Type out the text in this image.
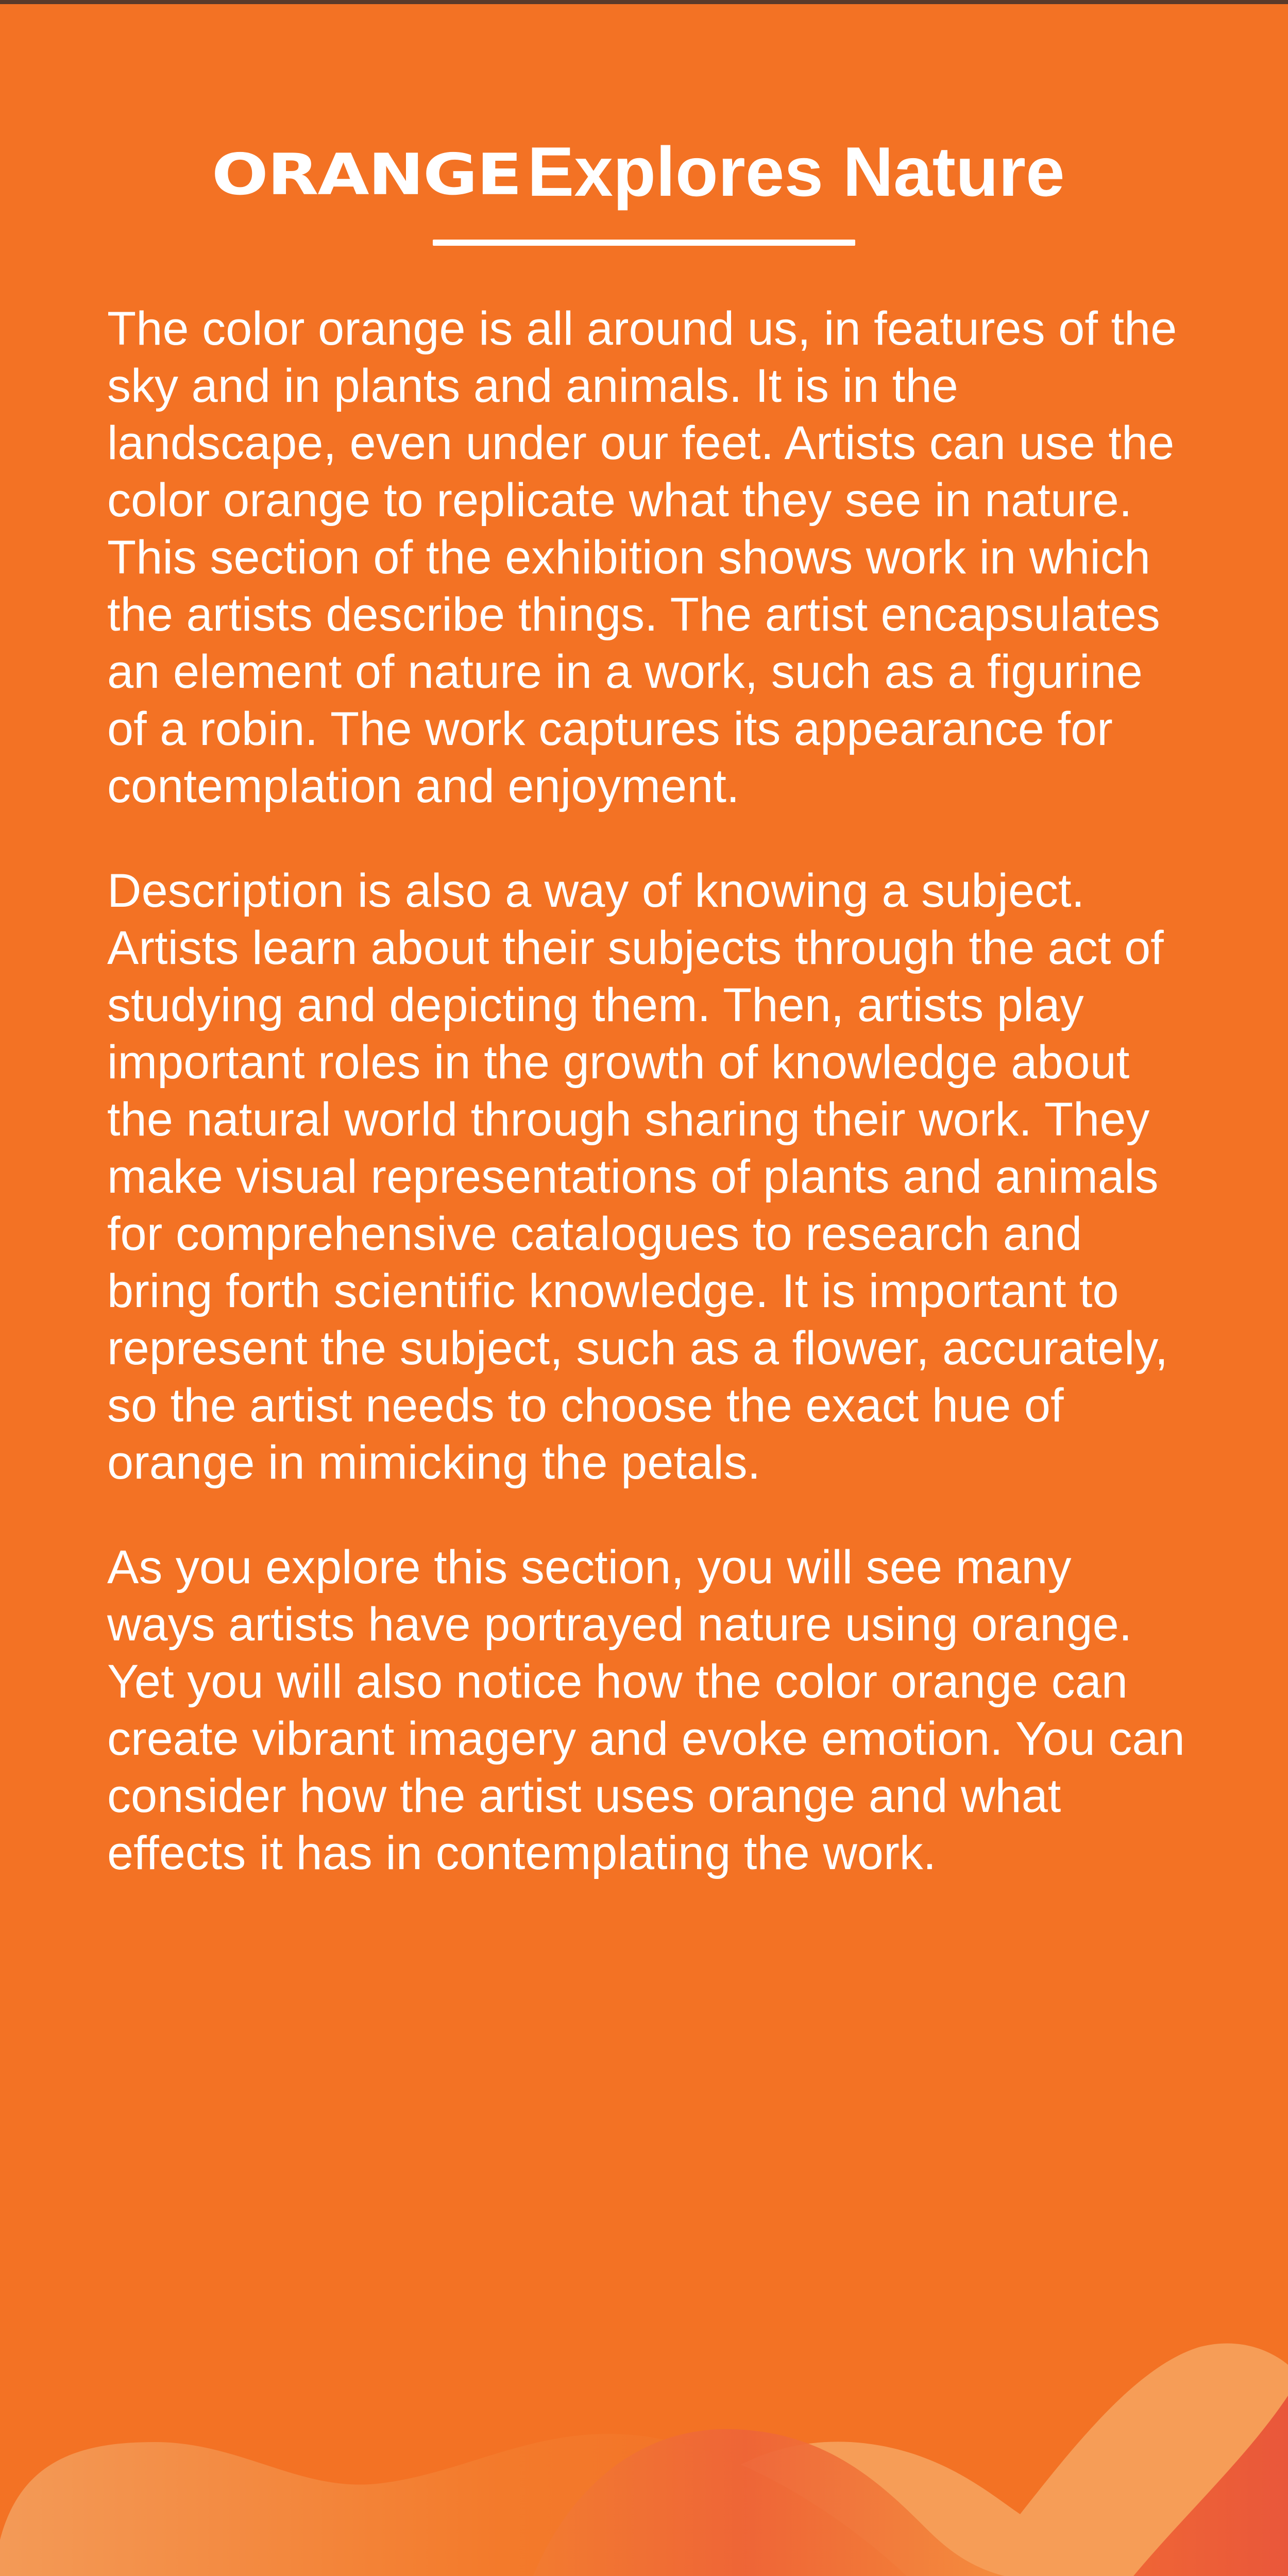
ORANGEExplores Nature

The color orange is all around us, in features of the sky and in plants and animals. It is in the landscape, even under our feet. Artists can use the color orange to replicate what they see in nature. This section of the exhibition shows work in which the artists describe things. The artist encapsulates an element of nature in a work, such as a figurine of a robin. The work captures its appearance for contemplation and enjoyment.

Description is also a way of knowing a subject. Artists learn about their subjects through the act of studying and depicting them. Then, artists play important roles in the growth of knowledge about the natural world through sharing their work. They make visual representations of plants and animals for comprehensive catalogues to research and bring forth scientific knowledge. It is important to represent the subject, such as a flower, accurately, so the artist needs to choose the exact hue of orange in mimicking the petals.

As you explore this section, you will see many ways artists have portrayed nature using orange. Yet you will also notice how the color orange can create vibrant imagery and evoke emotion. You can consider how the artist uses orange and what effects it has in contemplating the work.
